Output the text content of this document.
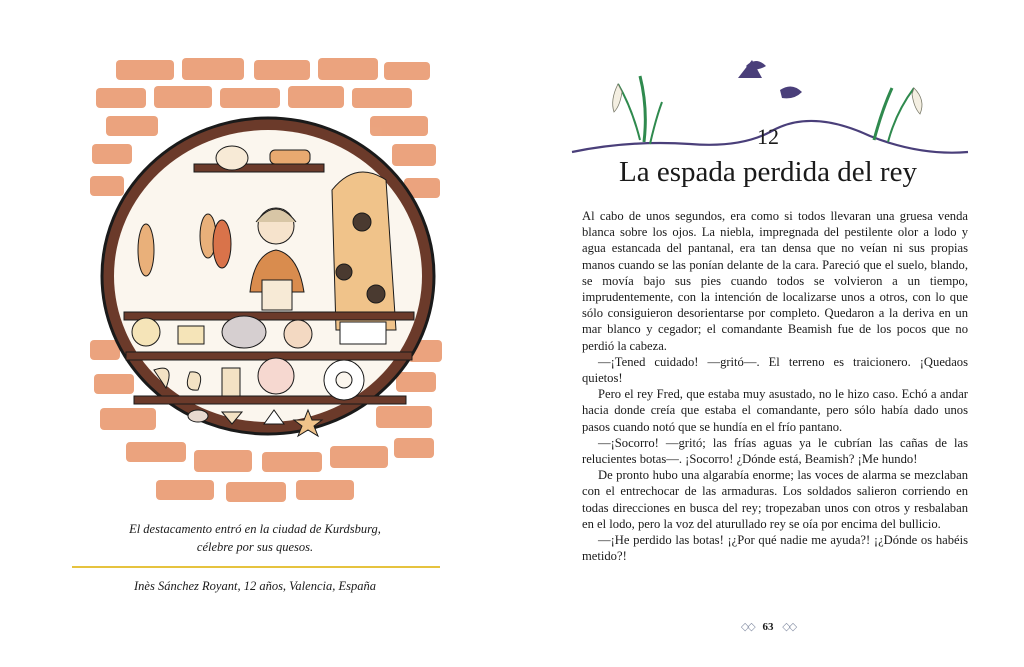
El destacamento entró en la ciudad de Kurdsburg,
célebre por sus quesos.
Inès Sánchez Royant, 12 años, Valencia, España
12
La espada perdida del rey

Al cabo de unos segundos, era como si todos llevaran una gruesa venda blanca sobre los ojos. La niebla, impregnada del pestilente olor a lodo y agua estancada del pantanal, era tan densa que no veían ni sus propias manos cuando se las ponían delante de la cara. Pareció que el suelo, blando, se movía bajo sus pies cuando todos se volvieron a un tiempo, imprudentemente, con la intención de localizarse unos a otros, con lo que sólo consiguieron desorientarse por completo. Quedaron a la deriva en un mar blanco y cegador; el comandante Beamish fue de los pocos que no perdió la cabeza.

—¡Tened cuidado! —gritó—. El terreno es traicionero. ¡Quedaos quietos!

Pero el rey Fred, que estaba muy asustado, no le hizo caso. Echó a andar hacia donde creía que estaba el comandante, pero sólo había dado unos pasos cuando notó que se hundía en el frío pantano.

—¡Socorro! —gritó; las frías aguas ya le cubrían las cañas de las relucientes botas—. ¡Socorro! ¿Dónde está, Beamish? ¡Me hundo!

De pronto hubo una algarabía enorme; las voces de alarma se mezclaban con el entrechocar de las armaduras. Los soldados salieron corriendo en todas direcciones en busca del rey; tropezaban unos con otros y resbalaban en el lodo, pero la voz del aturullado rey se oía por encima del bullicio.

—¡He perdido las botas! ¡¿Por qué nadie me ayuda?! ¡¿Dónde os habéis metido?!

◇◇ 63 ◇◇
